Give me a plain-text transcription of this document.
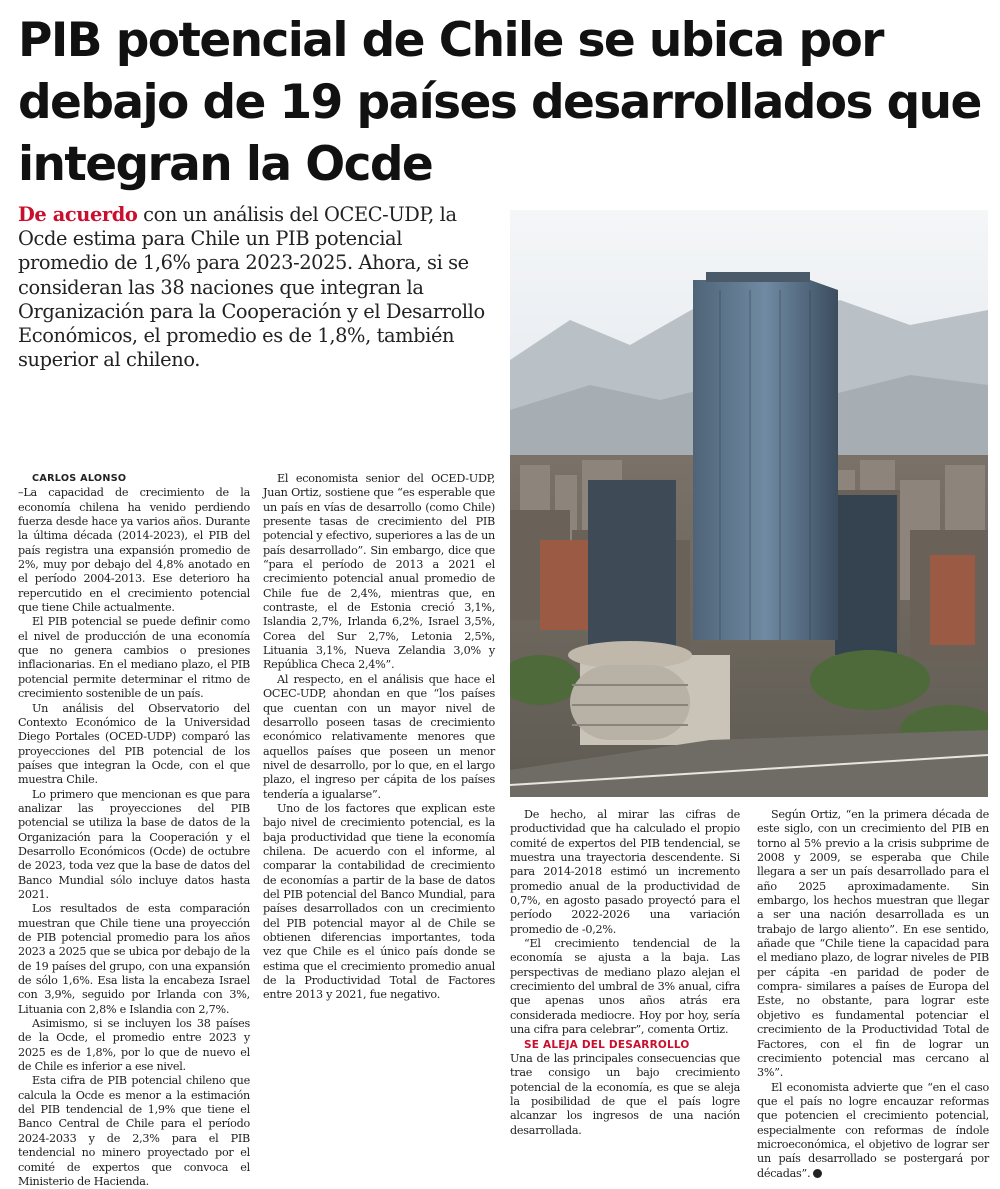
PIB potencial de Chile se ubica por debajo de 19 países desarrollados que integran la Ocde

De acuerdo con un análisis del OCEC-UDP, la Ocde estima para Chile un PIB potencial promedio de 1,6% para 2023-2025. Ahora, si se consideran las 38 naciones que integran la Organización para la Cooperación y el Desarrollo Económicos, el promedio es de 1,8%, también superior al chileno.

CARLOS ALONSO

–La capacidad de crecimiento de la economía chilena ha venido perdiendo fuerza desde hace ya varios años. Durante la última década (2014-2023), el PIB del país registra una expansión promedio de 2%, muy por debajo del 4,8% anotado en el período 2004-2013. Ese deterioro ha repercutido en el crecimiento potencial que tiene Chile actualmente.

El PIB potencial se puede definir como el nivel de producción de una economía que no genera cambios o presiones inflacionarias. En el mediano plazo, el PIB potencial permite determinar el ritmo de crecimiento sostenible de un país.

Un análisis del Observatorio del Contexto Económico de la Universidad Diego Portales (OCED-UDP) comparó las proyecciones del PIB potencial de los países que integran la Ocde, con el que muestra Chile.

Lo primero que mencionan es que para analizar las proyecciones del PIB potencial se utiliza la base de datos de la Organización para la Cooperación y el Desarrollo Económicos (Ocde) de octubre de 2023, toda vez que la base de datos del Banco Mundial sólo incluye datos hasta 2021.

Los resultados de esta comparación muestran que Chile tiene una proyección de PIB potencial promedio para los años 2023 a 2025 que se ubica por debajo de la de 19 países del grupo, con una expansión de sólo 1,6%. Esa lista la encabeza Israel con 3,9%, seguido por Irlanda con 3%, Lituania con 2,8% e Islandia con 2,7%.

Asimismo, si se incluyen los 38 países de la Ocde, el promedio entre 2023 y 2025 es de 1,8%, por lo que de nuevo el de Chile es inferior a ese nivel.

Esta cifra de PIB potencial chileno que calcula la Ocde es menor a la estimación del PIB tendencial de 1,9% que tiene el Banco Central de Chile para el período 2024-2033 y de 2,3% para el PIB tendencial no minero proyectado por el comité de expertos que convoca el Ministerio de Hacienda.

El economista senior del OCED-UDP, Juan Ortiz, sostiene que “es esperable que un país en vías de desarrollo (como Chile) presente tasas de crecimiento del PIB potencial y efectivo, superiores a las de un país desarrollado”. Sin embargo, dice que “para el período de 2013 a 2021 el crecimiento potencial anual promedio de Chile fue de 2,4%, mientras que, en contraste, el de Estonia creció 3,1%, Islandia 2,7%, Irlanda 6,2%, Israel 3,5%, Corea del Sur 2,7%, Letonia 2,5%, Lituania 3,1%, Nueva Zelandia 3,0% y República Checa 2,4%”.

Al respecto, en el análisis que hace el OCEC-UDP, ahondan en que “los países que cuentan con un mayor nivel de desarrollo poseen tasas de crecimiento económico relativamente menores que aquellos países que poseen un menor nivel de desarrollo, por lo que, en el largo plazo, el ingreso per cápita de los países tendería a igualarse”.

Uno de los factores que explican este bajo nivel de crecimiento potencial, es la baja productividad que tiene la economía chilena. De acuerdo con el informe, al comparar la contabilidad de crecimiento de economías a partir de la base de datos del PIB potencial del Banco Mundial, para países desarrollados con un crecimiento del PIB potencial mayor al de Chile se obtienen diferencias importantes, toda vez que Chile es el único país donde se estima que el crecimiento promedio anual de la Productividad Total de Factores entre 2013 y 2021, fue negativo.

De hecho, al mirar las cifras de productividad que ha calculado el propio comité de expertos del PIB tendencial, se muestra una trayectoria descendente. Si para 2014-2018 estimó un incremento promedio anual de la productividad de 0,7%, en agosto pasado proyectó para el período 2022-2026 una variación promedio de -0,2%.

“El crecimiento tendencial de la economía se ajusta a la baja. Las perspectivas de mediano plazo alejan el crecimiento del umbral de 3% anual, cifra que apenas unos años atrás era considerada mediocre. Hoy por hoy, sería una cifra para celebrar”, comenta Ortiz.

SE ALEJA DEL DESARROLLO

Una de las principales consecuencias que trae consigo un bajo crecimiento potencial de la economía, es que se aleja la posibilidad de que el país logre alcanzar los ingresos de una nación desarrollada.

Según Ortiz, “en la primera década de este siglo, con un crecimiento del PIB en torno al 5% previo a la crisis subprime de 2008 y 2009, se esperaba que Chile llegara a ser un país desarrollado para el año 2025 aproximadamente. Sin embargo, los hechos muestran que llegar a ser una nación desarrollada es un trabajo de largo aliento”. En ese sentido, añade que “Chile tiene la capacidad para el mediano plazo, de lograr niveles de PIB per cápita -en paridad de poder de compra- similares a países de Europa del Este, no obstante, para lograr este objetivo es fundamental potenciar el crecimiento de la Productividad Total de Factores, con el fin de lograr un crecimiento potencial mas cercano al 3%”.

El economista advierte que “en el caso que el país no logre encauzar reformas que potencien el crecimiento potencial, especialmente con reformas de índole microeconómica, el objetivo de lograr ser un país desarrollado se postergará por décadas”.
